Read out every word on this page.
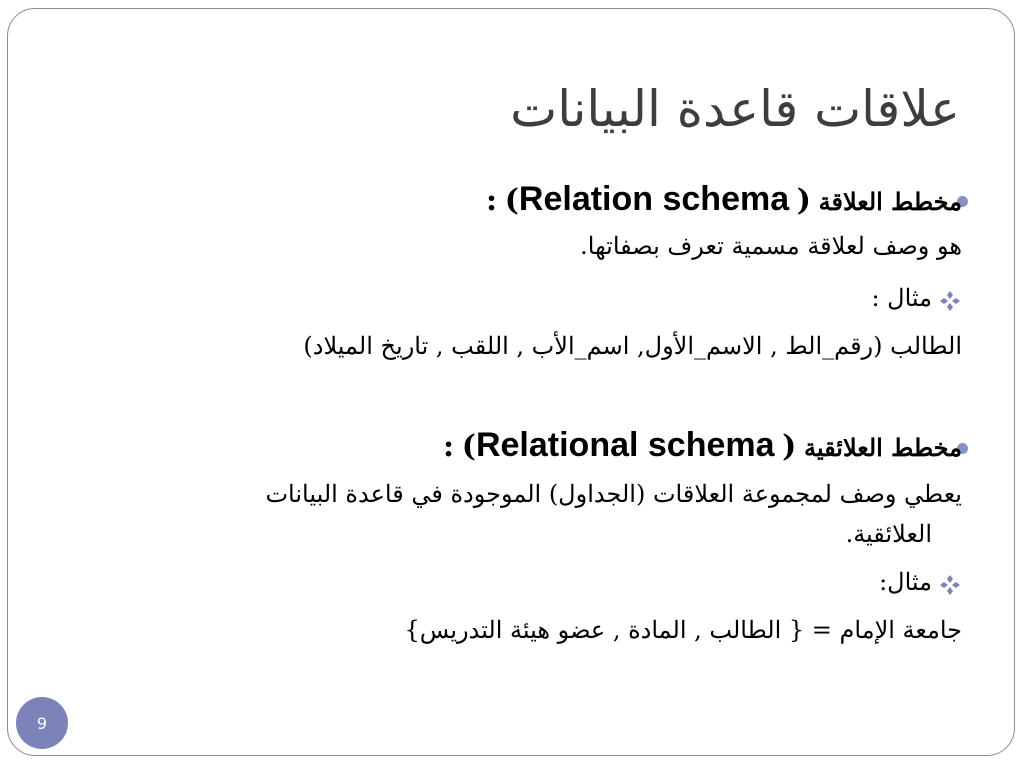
علاقات قاعدة البيانات
مخطط العلاقة ( Relation schema) :
هو وصف لعلاقة مسمية تعرف بصفاتها.
مثال :
الطالب (رقم_الط , الاسم_الأول, اسم_الأب , اللقب , تاريخ الميلاد)
مخطط العلائقية ( Relational schema) :
يعطي وصف لمجموعة العلاقات (الجداول) الموجودة في قاعدة البيانات
العلائقية.
مثال:
جامعة الإمام = { الطالب , المادة , عضو هيئة التدريس}
9
